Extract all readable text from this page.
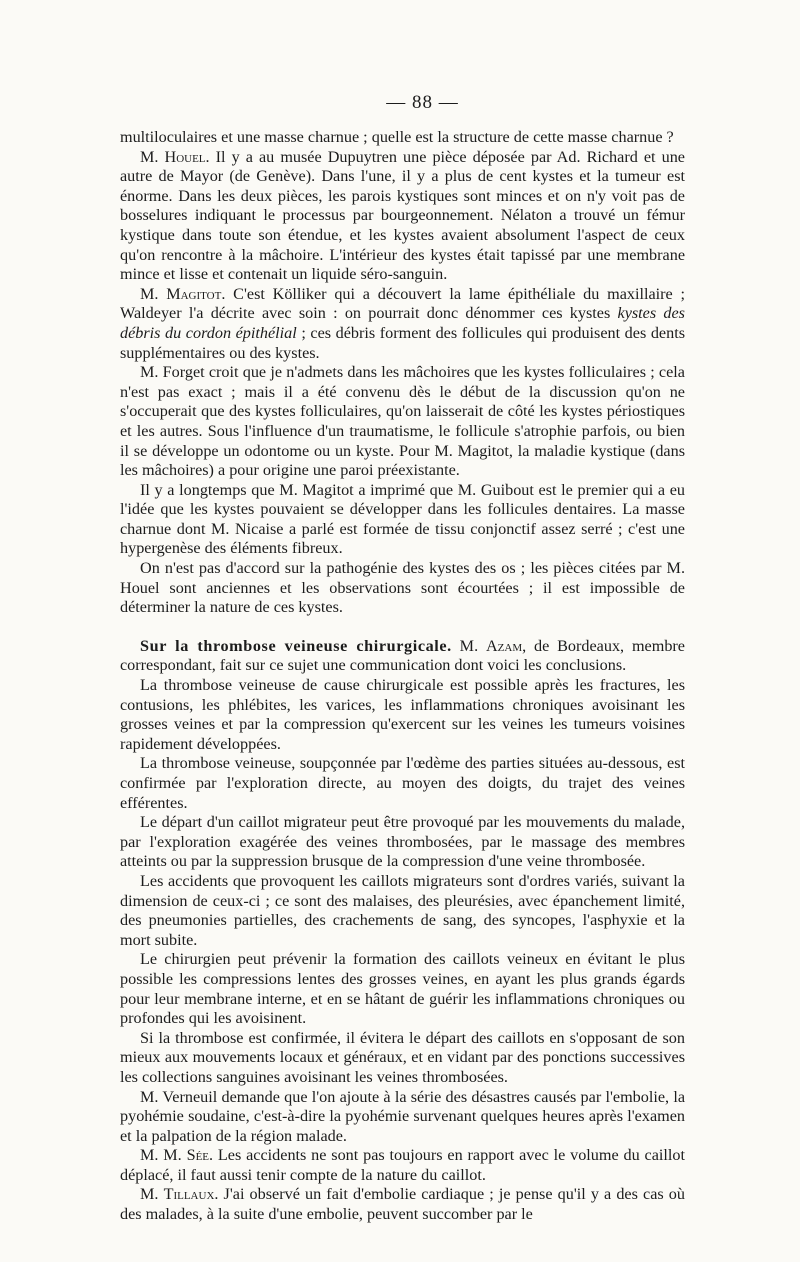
— 88 —

multiloculaires et une masse charnue ; quelle est la structure de cette masse charnue ?

M. Houel. Il y a au musée Dupuytren une pièce déposée par Ad. Richard et une autre de Mayor (de Genève). Dans l'une, il y a plus de cent kystes et la tumeur est énorme. Dans les deux pièces, les parois kystiques sont minces et on n'y voit pas de bosselures indiquant le processus par bourgeonnement. Nélaton a trouvé un fémur kystique dans toute son étendue, et les kystes avaient absolument l'aspect de ceux qu'on rencontre à la mâchoire. L'intérieur des kystes était tapissé par une membrane mince et lisse et contenait un liquide séro-sanguin.

M. Magitot. C'est Kölliker qui a découvert la lame épithéliale du maxillaire ; Waldeyer l'a décrite avec soin : on pourrait donc dénommer ces kystes kystes des débris du cordon épithélial ; ces débris forment des follicules qui produisent des dents supplémentaires ou des kystes.

M. Forget croit que je n'admets dans les mâchoires que les kystes folliculaires ; cela n'est pas exact ; mais il a été convenu dès le début de la discussion qu'on ne s'occuperait que des kystes folliculaires, qu'on laisserait de côté les kystes périostiques et les autres. Sous l'influence d'un traumatisme, le follicule s'atrophie parfois, ou bien il se développe un odontome ou un kyste. Pour M. Magitot, la maladie kystique (dans les mâchoires) a pour origine une paroi préexistante.

Il y a longtemps que M. Magitot a imprimé que M. Guibout est le premier qui a eu l'idée que les kystes pouvaient se développer dans les follicules dentaires. La masse charnue dont M. Nicaise a parlé est formée de tissu conjonctif assez serré ; c'est une hypergenèse des éléments fibreux.

On n'est pas d'accord sur la pathogénie des kystes des os ; les pièces citées par M. Houel sont anciennes et les observations sont écourtées ; il est impossible de déterminer la nature de ces kystes.

Sur la thrombose veineuse chirurgicale. M. Azam, de Bordeaux, membre correspondant, fait sur ce sujet une communication dont voici les conclusions.

La thrombose veineuse de cause chirurgicale est possible après les fractures, les contusions, les phlébites, les varices, les inflammations chroniques avoisinant les grosses veines et par la compression qu'exercent sur les veines les tumeurs voisines rapidement développées.

La thrombose veineuse, soupçonnée par l'œdème des parties situées au-dessous, est confirmée par l'exploration directe, au moyen des doigts, du trajet des veines efférentes.

Le départ d'un caillot migrateur peut être provoqué par les mouvements du malade, par l'exploration exagérée des veines thrombosées, par le massage des membres atteints ou par la suppression brusque de la compression d'une veine thrombosée.

Les accidents que provoquent les caillots migrateurs sont d'ordres variés, suivant la dimension de ceux-ci ; ce sont des malaises, des pleurésies, avec épanchement limité, des pneumonies partielles, des crachements de sang, des syncopes, l'asphyxie et la mort subite.

Le chirurgien peut prévenir la formation des caillots veineux en évitant le plus possible les compressions lentes des grosses veines, en ayant les plus grands égards pour leur membrane interne, et en se hâtant de guérir les inflammations chroniques ou profondes qui les avoisinent.

Si la thrombose est confirmée, il évitera le départ des caillots en s'opposant de son mieux aux mouvements locaux et généraux, et en vidant par des ponctions successives les collections sanguines avoisinant les veines thrombosées.

M. Verneuil demande que l'on ajoute à la série des désastres causés par l'embolie, la pyohémie soudaine, c'est-à-dire la pyohémie survenant quelques heures après l'examen et la palpation de la région malade.

M. M. Sée. Les accidents ne sont pas toujours en rapport avec le volume du caillot déplacé, il faut aussi tenir compte de la nature du caillot.

M. Tillaux. J'ai observé un fait d'embolie cardiaque ; je pense qu'il y a des cas où des malades, à la suite d'une embolie, peuvent succomber par le
